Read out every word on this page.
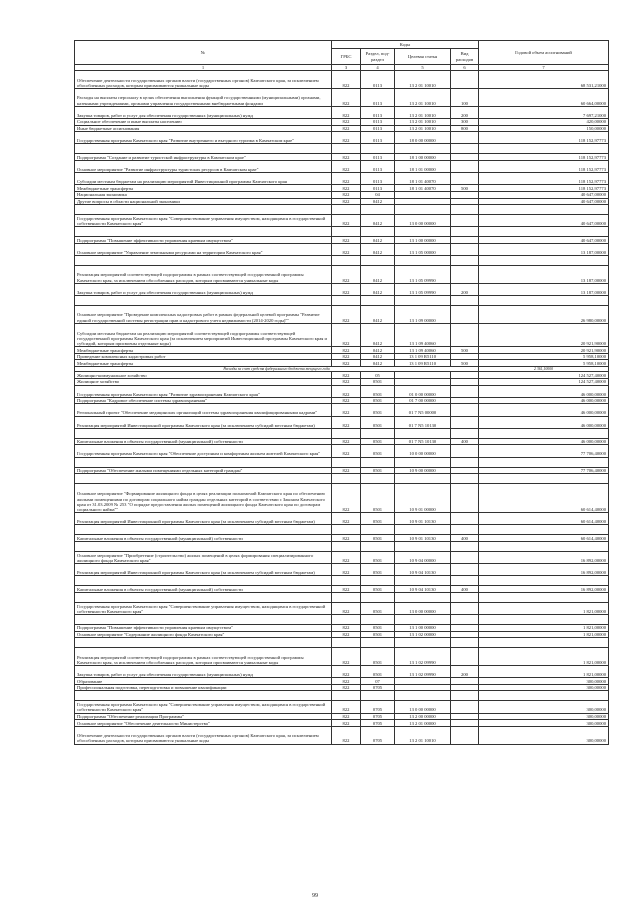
№	Коды				Годовой объем ассигнований
	ГРБС	Раздел, под-раздел	Целевая статья	Вид расходов	
1	3	4	5	6	7
Обеспечение деятельности государственных органов власти (государственных органов) Камчатского края, за исключением обособленных расходов, которым присваиваются уникальные коды	822	0113	13 2 01 10010		68 531,21000
Расходы на выплаты персоналу в целях обеспечения выполнения функций государственными (муниципальными) органами, казенными учреждениями, органами управления государственными внебюджетными фондами	822	0113	13 2 01 10010	100	60 664,00000
Закупка товаров, работ и услуг для обеспечения государственных (муниципальных) нужд	822	0113	13 2 01 10010	200	7 697,21000
Социальное обеспечение и иные выплаты населению	822	0113	13 2 01 10010	300	420,00000
Иные бюджетные ассигнования	822	0113	13 2 01 10010	800	150,00000
Государственная программа Камчатского края "Развитие внутреннего и въездного туризма в Камчатском крае"	822	0113	18 0 00 00000		118 152,97773

Подпрограмма "Создание и развитие туристской инфраструктуры в Камчатском крае"	822	0113	18 1 00 00000		118 152,97773
Основное мероприятие "Развитие инфраструктуры туристских ресурсов в Камчатском крае"	822	0113	18 1 01 00000		118 152,97773
Субсидии местным бюджетам на реализацию мероприятий Инвестиционной программы Камчатского края	822	0113	18 1 01 40070		118 152,97773
Межбюджетные трансферты	822	0113	18 1 01 40070	500	118 152,97773
Национальная экономика	822	04			40 647,00000
Другие вопросы в области национальной экономики	822	0412			40 647,00000

Государственная программа Камчатского края "Совершенствование управления имуществом, находящимся в государственной собственности Камчатского края"	822	0412	13 0 00 00000		40 647,00000

Подпрограмма "Повышение эффективности управления краевым имуществом"	822	0412	13 1 00 00000		40 647,00000
Основное мероприятие "Управление земельными ресурсами на территории Камчатского края"	822	0412	13 1 05 00000		13 187,00000

Реализация мероприятий соответствующей подпрограммы в рамках соответствующей государственной программы Камчатского края, за исключением обособленных расходов, которым присваиваются уникальные коды	822	0412	13 1 05 09990		13 187,00000
Закупка товаров, работ и услуг для обеспечения государственных (муниципальных) нужд	822	0412	13 1 05 09990	200	13 187,00000

Основное мероприятие "Проведение комплексных кадастровых работ в рамках федеральной целевой программы "Развитие единой государственной системы регистрации прав и кадастрового учета недвижимости (2014-2020 годы)""	822	0412	13 1 09 00000		26 980,00000
Субсидии местным бюджетам на реализацию мероприятий соответствующей подпрограммы соответствующей государственной программы Камчатского края (за исключением мероприятий Инвестиционной программы Камчатского края и субсидий, которым присвоены отдельные коды)	822	0412	13 1 09 40060		20 921,90000
Межбюджетные трансферты	822	0412	13 1 09 40060	500	20 921,90000
Проведение комплексных кадастровых работ	822	0412	13 1 09 R5110		5 958,10000
Межбюджетные трансферты	822	0412	13 1 09 R5110	500	5 958,10000
Расходы за счет средств федерального бюджета текущего года					2 361,10000
Жилищно-коммунальное хозяйство	822	05			124 527,40000
Жилищное хозяйство	822	0501			124 527,40000
Государственная программа Камчатского края "Развитие здравоохранения Камчатского края"	822	0501	01 0 00 00000		46 000,00000
Подпрограмма "Кадровое обеспечение системы здравоохранения"	822	0501	01 7 00 00000		46 000,00000
Региональный проект "Обеспечение медицинских организаций системы здравоохранения квалифицированными кадрами"	822	0501	01 7 N5 00000		46 000,00000
Реализация мероприятий Инвестиционной программы Камчатского края (за исключением субсидий местным бюджетам)	822	0501	01 7 N5 10130		46 000,00000

Капитальные вложения в объекты государственной (муниципальной) собственности	822	0501	01 7 N5 10130	400	46 000,00000
Государственная программа Камчатского края "Обеспечение доступным и комфортным жильем жителей Камчатского края"	822	0501	10 0 00 00000		77 706,40000

Подпрограмма "Обеспечение жилыми помещениями отдельных категорий граждан"	822	0501	10 9 00 00000		77 706,40000

Основное мероприятие "Формирование жилищного фонда в целях реализации полномочий Камчатского края по обеспечению жилыми помещениями по договорам социального найма граждан отдельных категорий в соответствии с Законом Камчатского края от 31.03.2009 № 253 "О порядке предоставления жилых помещений жилищного фонда Камчатского края по договорам социального найма""	822	0501	10 9 01 00000		60 614,40000
Реализация мероприятий Инвестиционной программы Камчатского края (за исключением субсидий местным бюджетам)	822	0501	10 9 01 10130		60 614,40000

Капитальные вложения в объекты государственной (муниципальной) собственности	822	0501	10 9 01 10130	400	60 614,40000

Основное мероприятие "Приобретение (строительство) жилых помещений в целях формирования специализированного жилищного фонда Камчатского края"	822	0501	10 9 04 00000		16 892,00000
Реализация мероприятий Инвестиционной программы Камчатского края (за исключением субсидий местным бюджетам)	822	0501	10 9 04 10130		16 892,00000

Капитальные вложения в объекты государственной (муниципальной) собственности	822	0501	10 9 04 10130	400	16 892,00000

Государственная программа Камчатского края "Совершенствование управления имуществом, находящимся в государственной собственности Камчатского края"	822	0501	13 0 00 00000		1 821,00000

Подпрограмма "Повышение эффективности управления краевым имуществом"	822	0501	13 1 00 00000		1 821,00000
Основное мероприятие "Содержание жилищного фонда Камчатского края"	822	0501	13 1 02 00000		1 821,00000

Реализация мероприятий соответствующей подпрограммы в рамках соответствующей государственной программы Камчатского края, за исключением обособленных расходов, которым присваиваются уникальные коды	822	0501	13 1 02 09990		1 821,00000
Закупка товаров, работ и услуг для обеспечения государственных (муниципальных) нужд	822	0501	13 1 02 09990	200	1 821,00000
Образование	822	07			300,00000
Профессиональная подготовка, переподготовка и повышение квалификации	822	0705			300,00000

Государственная программа Камчатского края "Совершенствование управления имуществом, находящимся в государственной собственности Камчатского края"	822	0705	13 0 00 00000		300,00000
Подпрограмма "Обеспечение реализации Программы"	822	0705	13 2 00 00000		300,00000
Основное мероприятие "Обеспечение деятельности Министерства"	822	0705	13 2 01 00000		300,00000
Обеспечение деятельности государственных органов власти (государственных органов) Камчатского края, за исключением обособленных расходов, которым присваиваются уникальные коды	822	0705	13 2 01 10010		300,00000
99
